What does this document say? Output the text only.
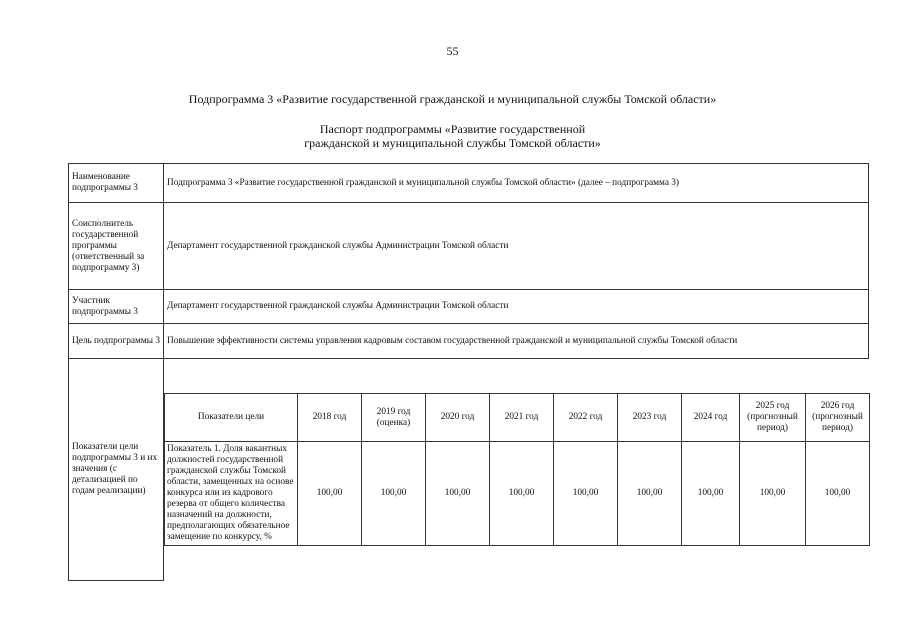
55
Подпрограмма 3 «Развитие государственной гражданской и муниципальной службы Томской области»
Паспорт подпрограммы «Развитие государственной гражданской и муниципальной службы Томской области»
Наименование подпрограммы 3	Подпрограмма 3 «Развитие государственной гражданской и муниципальной службы Томской области» (далее – подпрограмма 3)
Соисполнитель государственной программы (ответственный за подпрограмму 3)	Департамент государственной гражданской службы Администрации Томской области
Участник подпрограммы 3	Департамент государственной гражданской службы Администрации Томской области
Цель подпрограммы 3	Повышение эффективности системы управления кадровым составом государственной гражданской и муниципальной службы Томской области
Показатели цели подпрограммы 3 и их значения (с детализацией по годам реализации)	
Показатели цели	2018 год	2019 год (оценка)	2020 год	2021 год	2022 год	2023 год	2024 год	2025 год (прогнозный период)	2026 год (прогнозный период)
Показатель 1. Доля вакантных должностей государственной гражданской службы Томской области, замещенных на основе конкурса или из кадрового резерва от общего количества назначений на должности, предполагающих обязательное замещение по конкурсу, %	100,00	100,00	100,00	100,00	100,00	100,00	100,00	100,00	100,00
